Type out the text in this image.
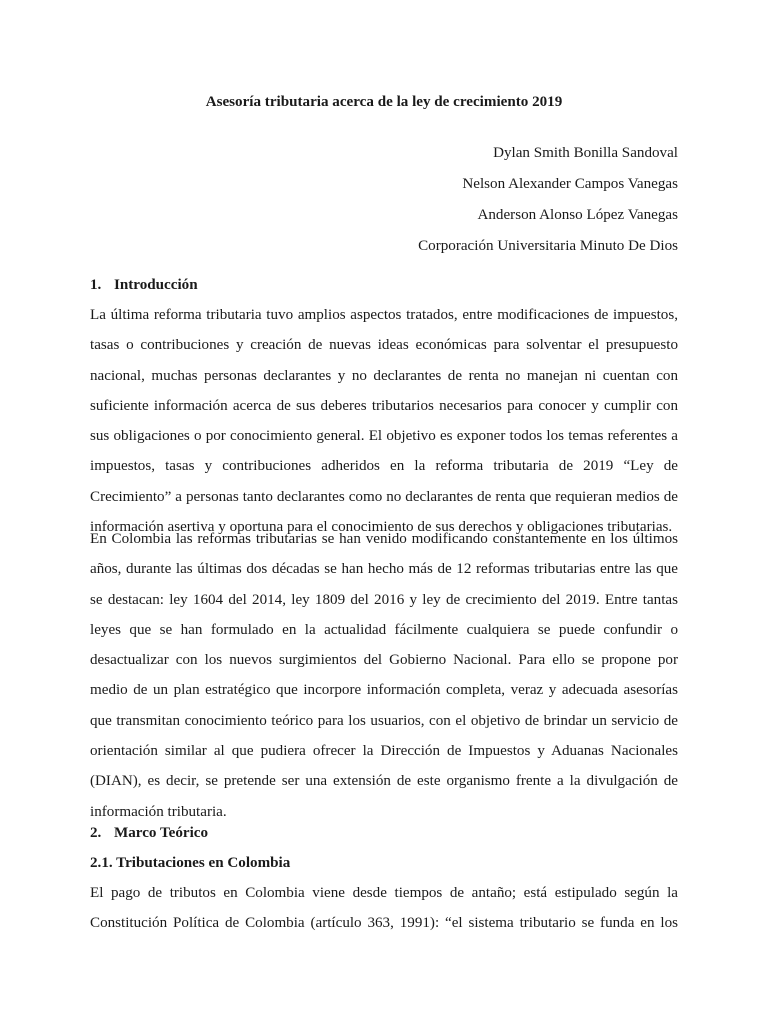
Asesoría tributaria acerca de la ley de crecimiento 2019
Dylan Smith Bonilla Sandoval
Nelson Alexander Campos Vanegas
Anderson Alonso López Vanegas
Corporación Universitaria Minuto De Dios
1. Introducción
La última reforma tributaria tuvo amplios aspectos tratados, entre modificaciones de impuestos,
tasas o contribuciones y creación de nuevas ideas económicas para solventar el presupuesto
nacional, muchas personas declarantes y no declarantes de renta no manejan ni cuentan con
suficiente información acerca de sus deberes tributarios necesarios para conocer y cumplir con
sus obligaciones o por conocimiento general. El objetivo es exponer todos los temas referentes a
impuestos, tasas y contribuciones adheridos en la reforma tributaria de 2019 “Ley de
Crecimiento” a personas tanto declarantes como no declarantes de renta que requieran medios de
información asertiva y oportuna para el conocimiento de sus derechos y obligaciones tributarias.
En Colombia las reformas tributarias se han venido modificando constantemente en los últimos
años, durante las últimas dos décadas se han hecho más de 12 reformas tributarias entre las que
se destacan: ley 1604 del 2014, ley 1809 del 2016 y ley de crecimiento del 2019. Entre tantas
leyes que se han formulado en la actualidad fácilmente cualquiera se puede confundir o
desactualizar con los nuevos surgimientos del Gobierno Nacional. Para ello se propone por
medio de un plan estratégico que incorpore información completa, veraz y adecuada asesorías
que transmitan conocimiento teórico para los usuarios, con el objetivo de brindar un servicio de
orientación similar al que pudiera ofrecer la Dirección de Impuestos y Aduanas Nacionales
(DIAN), es decir, se pretende ser una extensión de este organismo frente a la divulgación de
información tributaria.
2. Marco Teórico
2.1. Tributaciones en Colombia
El pago de tributos en Colombia viene desde tiempos de antaño; está estipulado según la
Constitución Política de Colombia (artículo 363, 1991): “el sistema tributario se funda en los
